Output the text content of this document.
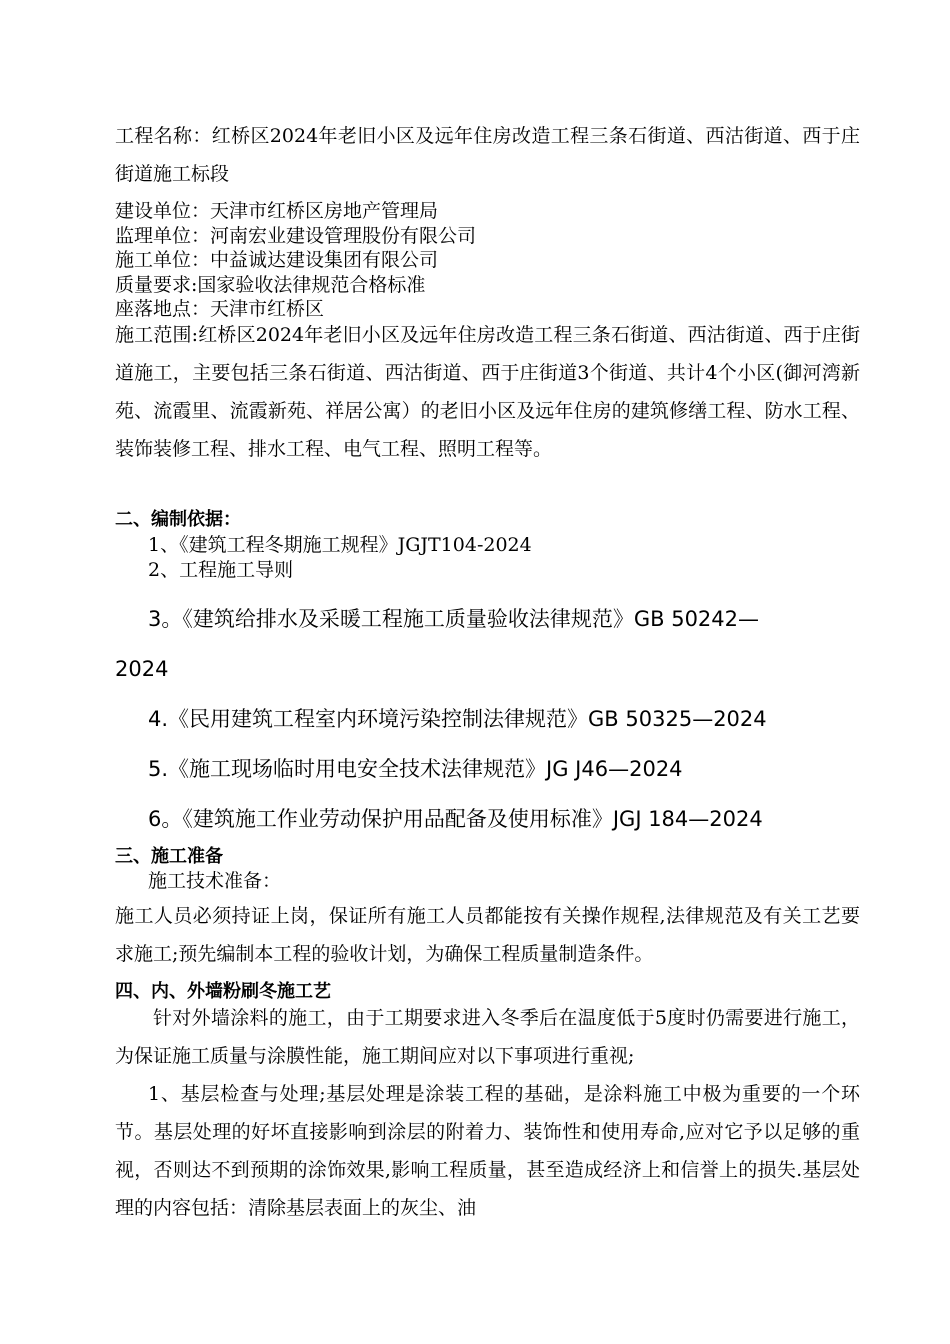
工程名称：红桥区2024年老旧小区及远年住房改造工程三条石街道、西沽街道、西于庄街道施工标段

建设单位：天津市红桥区房地产管理局

监理单位：河南宏业建设管理股份有限公司

施工单位：中益诚达建设集团有限公司

质量要求:国家验收法律规范合格标准

座落地点：天津市红桥区

施工范围:红桥区2024年老旧小区及远年住房改造工程三条石街道、西沽街道、西于庄街道施工，主要包括三条石街道、西沽街道、西于庄街道3个街道、共计4个小区(御河湾新苑、流霞里、流霞新苑、祥居公寓）的老旧小区及远年住房的建筑修缮工程、防水工程、装饰装修工程、排水工程、电气工程、照明工程等。

二、编制依据：

1、《建筑工程冬期施工规程》JGJT104-2024

2、工程施工导则

3。《建筑给排水及采暖工程施工质量验收法律规范》GB 50242—

2024

4.《民用建筑工程室内环境污染控制法律规范》GB 50325—2024

5.《施工现场临时用电安全技术法律规范》JG J46—2024

6。《建筑施工作业劳动保护用品配备及使用标准》JGJ 184—2024

三、施工准备

施工技术准备：

施工人员必须持证上岗，保证所有施工人员都能按有关操作规程,法律规范及有关工艺要求施工;预先编制本工程的验收计划，为确保工程质量制造条件。

四、内、外墙粉刷冬施工艺

针对外墙涂料的施工，由于工期要求进入冬季后在温度低于5度时仍需要进行施工，为保证施工质量与涂膜性能，施工期间应对以下事项进行重视;

1、基层检查与处理;基层处理是涂装工程的基础，是涂料施工中极为重要的一个环节。基层处理的好坏直接影响到涂层的附着力、装饰性和使用寿命,应对它予以足够的重视，否则达不到预期的涂饰效果,影响工程质量，甚至造成经济上和信誉上的损失.基层处理的内容包括：清除基层表面上的灰尘、油
